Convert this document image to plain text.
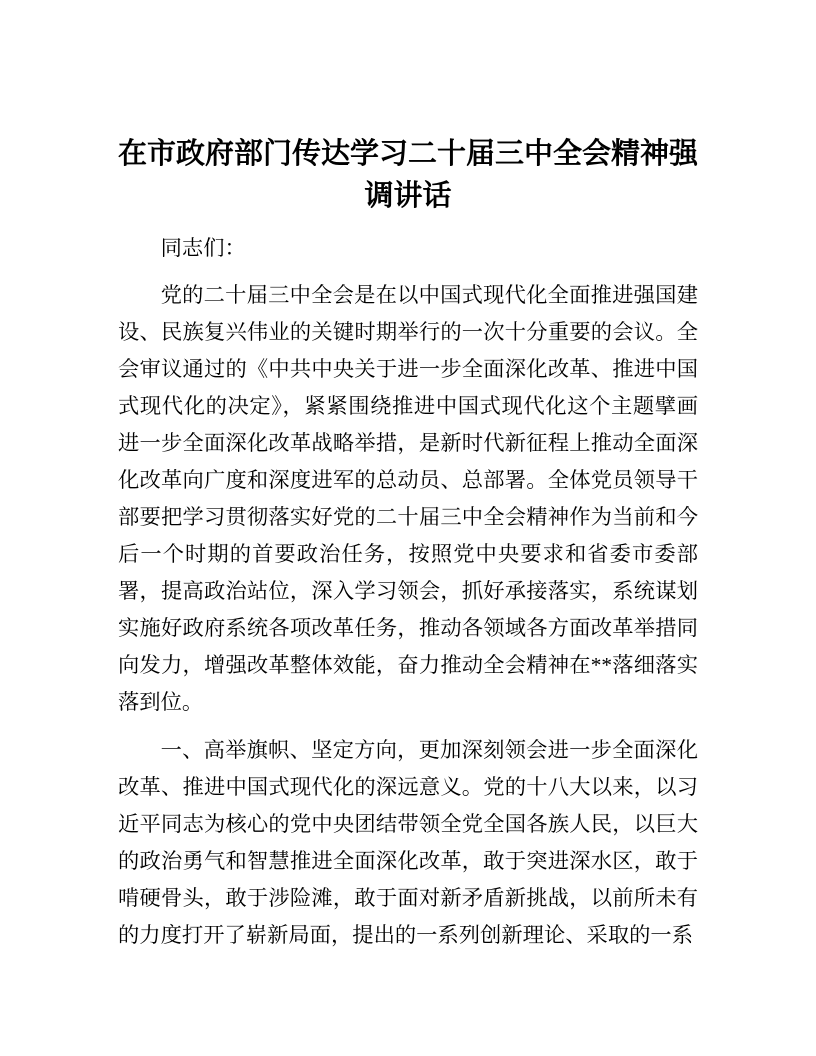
在市政府部门传达学习二十届三中全会精神强
调讲话

同志们：

党的二十届三中全会是在以中国式现代化全面推进强国建设、民族复兴伟业的关键时期举行的一次十分重要的会议。全会审议通过的《中共中央关于进一步全面深化改革、推进中国式现代化的决定》，紧紧围绕推进中国式现代化这个主题擘画进一步全面深化改革战略举措，是新时代新征程上推动全面深化改革向广度和深度进军的总动员、总部署。全体党员领导干部要把学习贯彻落实好党的二十届三中全会精神作为当前和今后一个时期的首要政治任务，按照党中央要求和省委市委部署，提高政治站位，深入学习领会，抓好承接落实，系统谋划实施好政府系统各项改革任务，推动各领域各方面改革举措同向发力，增强改革整体效能，奋力推动全会精神在**落细落实落到位。

一、高举旗帜、坚定方向，更加深刻领会进一步全面深化改革、推进中国式现代化的深远意义。党的十八大以来，以习近平同志为核心的党中央团结带领全党全国各族人民，以巨大的政治勇气和智慧推进全面深化改革，敢于突进深水区，敢于啃硬骨头，敢于涉险滩，敢于面对新矛盾新挑战，以前所未有的力度打开了崭新局面，提出的一系列创新理论、采取的一系
